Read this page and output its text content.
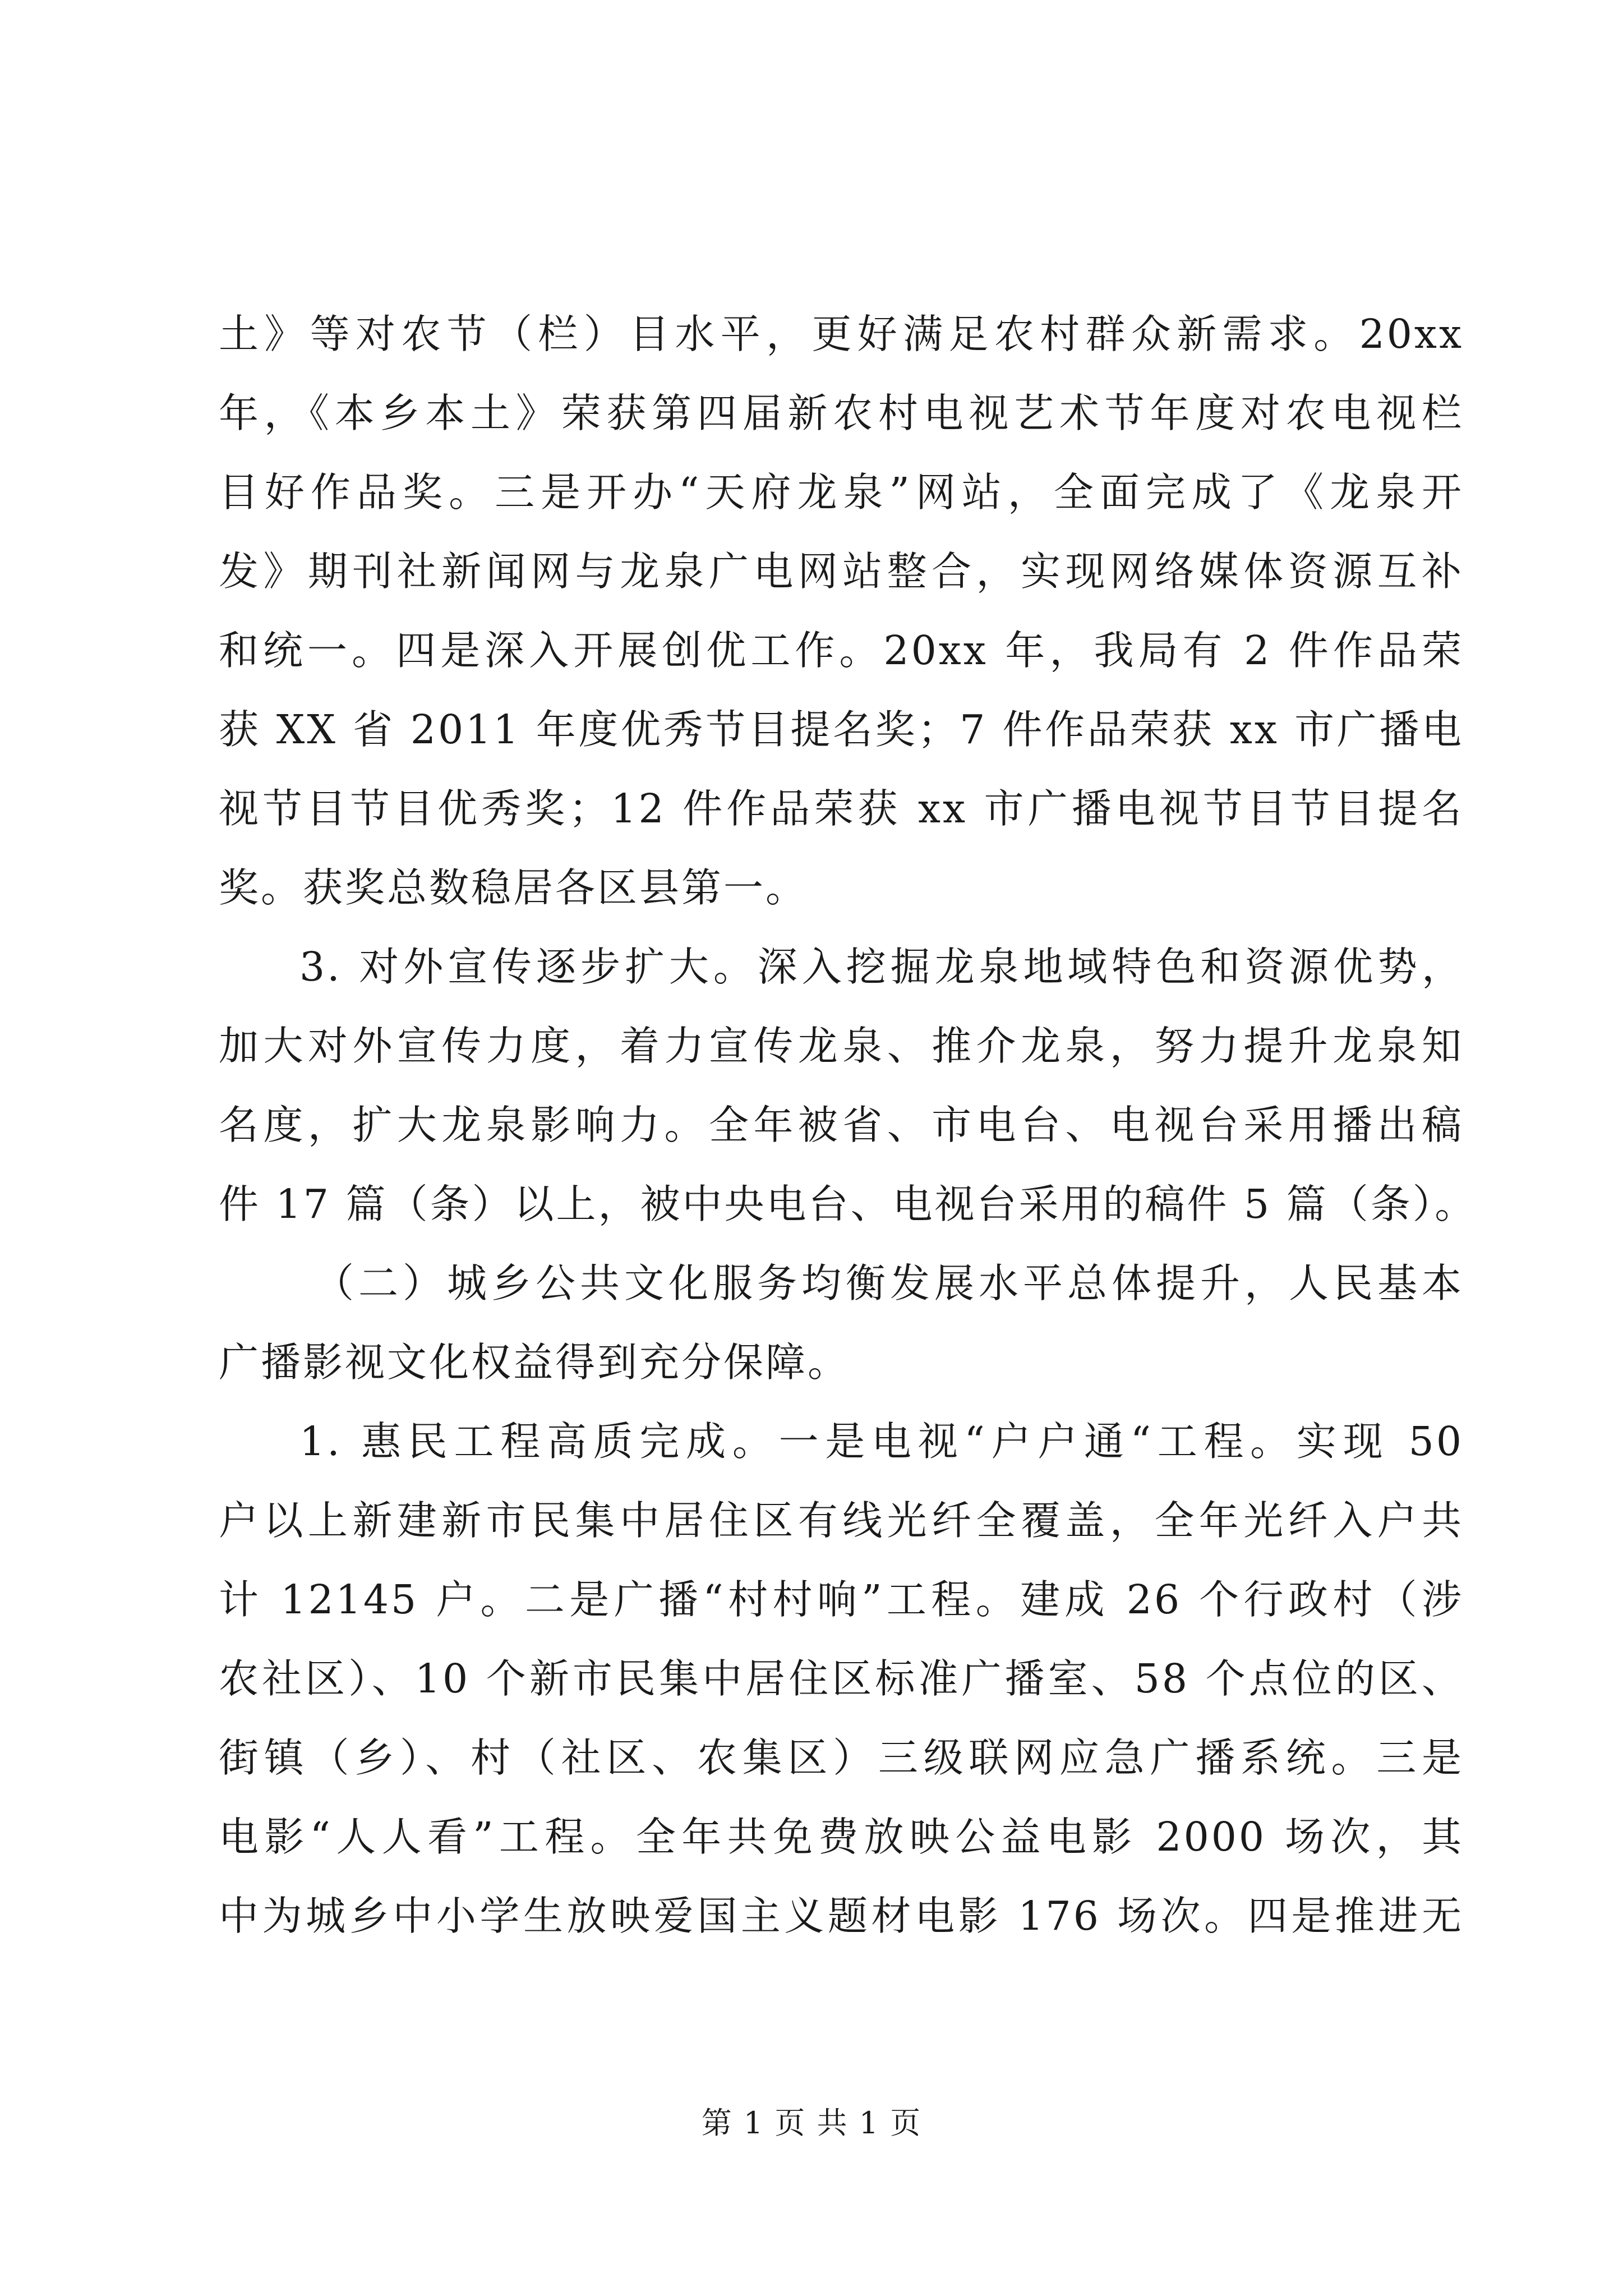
土》等对农节（栏）目水平，更好满足农村群众新需求。20xx
年，《本乡本土》荣获第四届新农村电视艺术节年度对农电视栏
目好作品奖。三是开办“天府龙泉”网站，全面完成了《龙泉开
发》期刊社新闻网与龙泉广电网站整合，实现网络媒体资源互补
和统一。四是深入开展创优工作。20xx 年，我局有 2 件作品荣
获 XX 省 2011 年度优秀节目提名奖；7 件作品荣获 xx 市广播电
视节目节目优秀奖；12 件作品荣获 xx 市广播电视节目节目提名
奖。获奖总数稳居各区县第一。
3. 对外宣传逐步扩大。深入挖掘龙泉地域特色和资源优势，
加大对外宣传力度，着力宣传龙泉、推介龙泉，努力提升龙泉知
名度，扩大龙泉影响力。全年被省、市电台、电视台采用播出稿
件 17 篇（条）以上，被中央电台、电视台采用的稿件 5 篇（条）。
（二）城乡公共文化服务均衡发展水平总体提升，人民基本
广播影视文化权益得到充分保障。
1. 惠民工程高质完成。一是电视“户户通“工程。实现 50
户以上新建新市民集中居住区有线光纤全覆盖，全年光纤入户共
计 12145 户。二是广播“村村响”工程。建成 26 个行政村（涉
农社区）、10 个新市民集中居住区标准广播室、58 个点位的区、
街镇（乡）、村（社区、农集区）三级联网应急广播系统。三是
电影“人人看”工程。全年共免费放映公益电影 2000 场次，其
中为城乡中小学生放映爱国主义题材电影 176 场次。四是推进无
第 1 页 共 1 页
